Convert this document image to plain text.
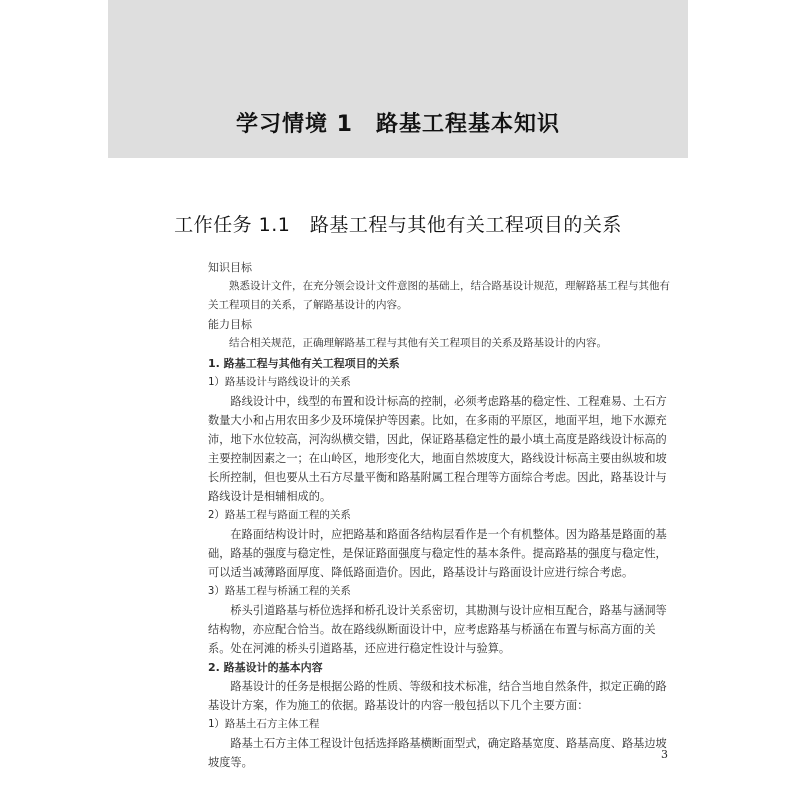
学习情境 1　路基工程基本知识
工作任务 1.1　路基工程与其他有关工程项目的关系

知识目标

熟悉设计文件，在充分领会设计文件意图的基础上，结合路基设计规范，理解路基工程与其他有关工程项目的关系，了解路基设计的内容。

能力目标

结合相关规范，正确理解路基工程与其他有关工程项目的关系及路基设计的内容。

1. 路基工程与其他有关工程项目的关系

1）路基设计与路线设计的关系

路线设计中，线型的布置和设计标高的控制，必须考虑路基的稳定性、工程难易、土石方数量大小和占用农田多少及环境保护等因素。比如，在多雨的平原区，地面平坦，地下水源充沛，地下水位较高，河沟纵横交错，因此，保证路基稳定性的最小填土高度是路线设计标高的主要控制因素之一；在山岭区，地形变化大，地面自然坡度大，路线设计标高主要由纵坡和坡长所控制，但也要从土石方尽量平衡和路基附属工程合理等方面综合考虑。因此，路基设计与路线设计是相辅相成的。

2）路基工程与路面工程的关系

在路面结构设计时，应把路基和路面各结构层看作是一个有机整体。因为路基是路面的基础，路基的强度与稳定性，是保证路面强度与稳定性的基本条件。提高路基的强度与稳定性，可以适当减薄路面厚度、降低路面造价。因此，路基设计与路面设计应进行综合考虑。

3）路基工程与桥涵工程的关系

桥头引道路基与桥位选择和桥孔设计关系密切，其勘测与设计应相互配合，路基与涵洞等结构物，亦应配合恰当。故在路线纵断面设计中，应考虑路基与桥涵在布置与标高方面的关系。处在河滩的桥头引道路基，还应进行稳定性设计与验算。

2. 路基设计的基本内容

路基设计的任务是根据公路的性质、等级和技术标准，结合当地自然条件，拟定正确的路基设计方案，作为施工的依据。路基设计的内容一般包括以下几个主要方面：

1）路基土石方主体工程

路基土石方主体工程设计包括选择路基横断面型式，确定路基宽度、路基高度、路基边坡坡度等。

3
